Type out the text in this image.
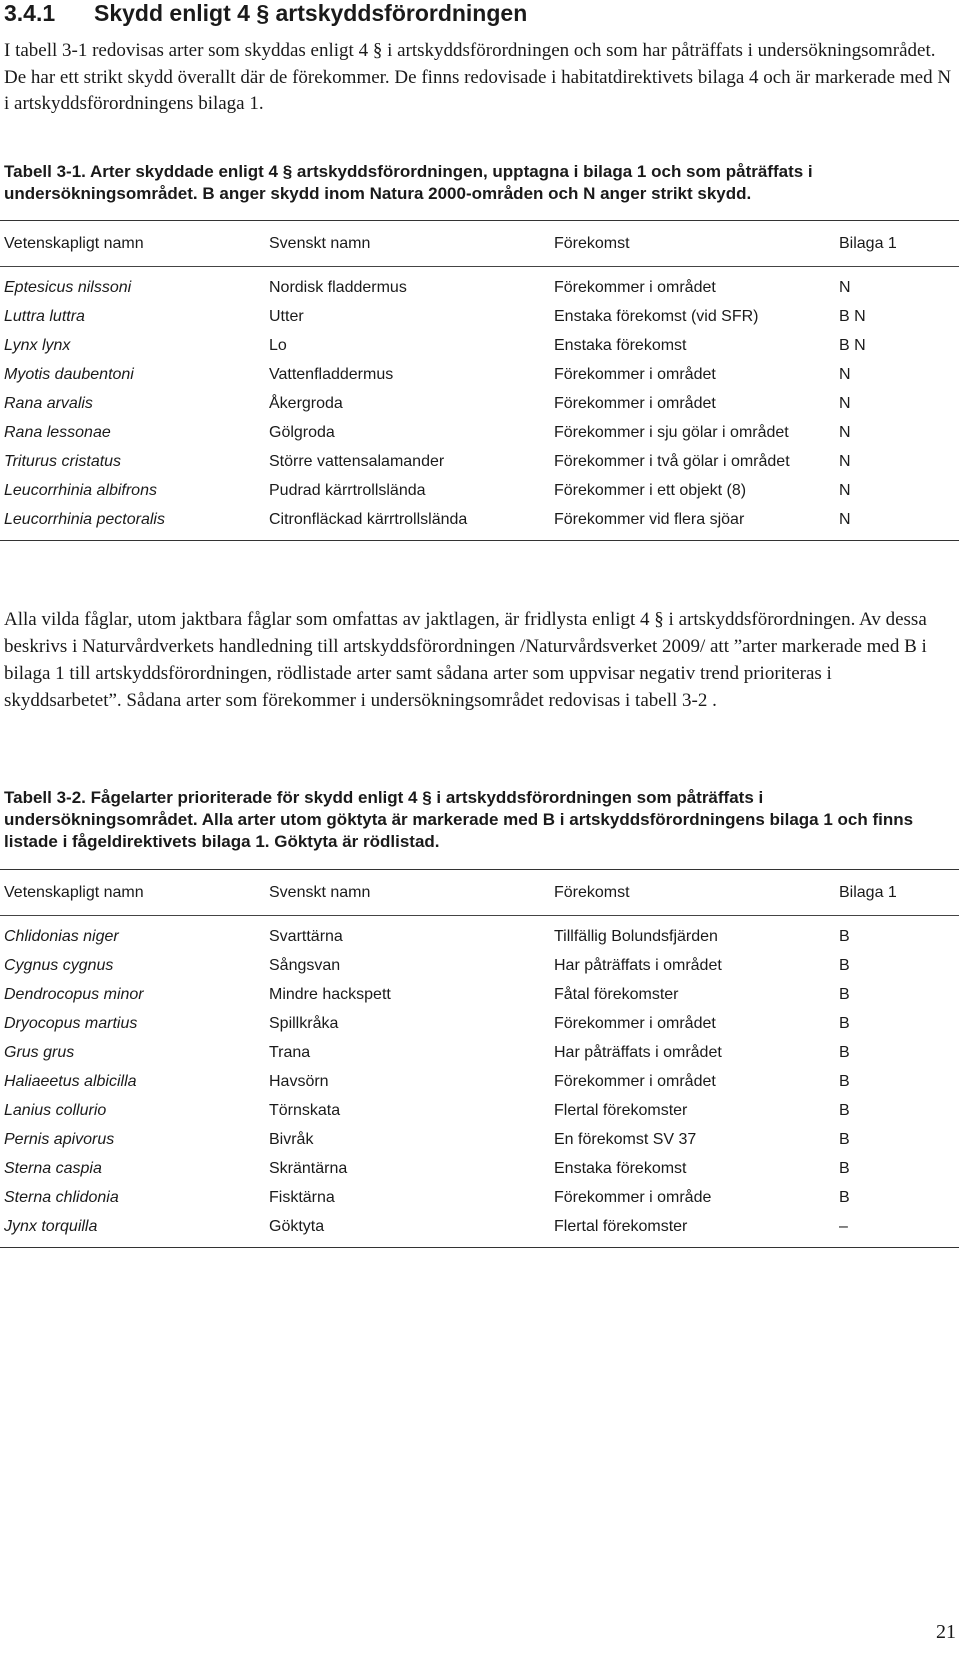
3.4.1 Skydd enligt 4 § artskyddsförordningen

I tabell 3-1 redovisas arter som skyddas enligt 4 § i artskyddsförordningen och som har påträffats i undersökningsområdet. De har ett strikt skydd överallt där de förekommer. De finns redovisade i habitatdirektivets bilaga 4 och är markerade med N i artskyddsförordningens bilaga 1.

Tabell 3-1. Arter skyddade enligt 4 § artskyddsförordningen, upptagna i bilaga 1 och som påträffats i undersökningsområdet. B anger skydd inom Natura 2000-områden och N anger strikt skydd.

Vetenskapligt namn	Svenskt namn	Förekomst	Bilaga 1
Eptesicus nilssoni	Nordisk fladdermus	Förekommer i området	N
Luttra luttra	Utter	Enstaka förekomst (vid SFR)	B N
Lynx lynx	Lo	Enstaka förekomst	B N
Myotis daubentoni	Vattenfladdermus	Förekommer i området	N
Rana arvalis	Åkergroda	Förekommer i området	N
Rana lessonae	Gölgroda	Förekommer i sju gölar i området	N
Triturus cristatus	Större vattensalamander	Förekommer i två gölar i området	N
Leucorrhinia albifrons	Pudrad kärrtrollslända	Förekommer i ett objekt (8)	N
Leucorrhinia pectoralis	Citronfläckad kärrtrollslända	Förekommer vid flera sjöar	N

Alla vilda fåglar, utom jaktbara fåglar som omfattas av jaktlagen, är fridlysta enligt 4 § i artskyddsförordningen. Av dessa beskrivs i Naturvårdverkets handledning till artskyddsförordningen /Naturvårdsverket 2009/ att ”arter markerade med B i bilaga 1 till artskyddsförordningen, rödlistade arter samt sådana arter som uppvisar negativ trend prioriteras i skyddsarbetet”. Sådana arter som förekommer i undersökningsområdet redovisas i tabell 3-2 .

Tabell 3-2. Fågelarter prioriterade för skydd enligt 4 § i artskyddsförordningen som påträffats i undersökningsområdet. Alla arter utom göktyta är markerade med B i artskyddsförordningens bilaga 1 och finns listade i fågeldirektivets bilaga 1. Göktyta är rödlistad.

Vetenskapligt namn	Svenskt namn	Förekomst	Bilaga 1
Chlidonias niger	Svarttärna	Tillfällig Bolundsfjärden	B
Cygnus cygnus	Sångsvan	Har påträffats i området	B
Dendrocopus minor	Mindre hackspett	Fåtal förekomster	B
Dryocopus martius	Spillkråka	Förekommer i området	B
Grus grus	Trana	Har påträffats i området	B
Haliaeetus albicilla	Havsörn	Förekommer i området	B
Lanius collurio	Törnskata	Flertal förekomster	B
Pernis apivorus	Bivråk	En förekomst SV 37	B
Sterna caspia	Skräntärna	Enstaka förekomst	B
Sterna chlidonia	Fisktärna	Förekommer i område	B
Jynx torquilla	Göktyta	Flertal förekomster	–

21
